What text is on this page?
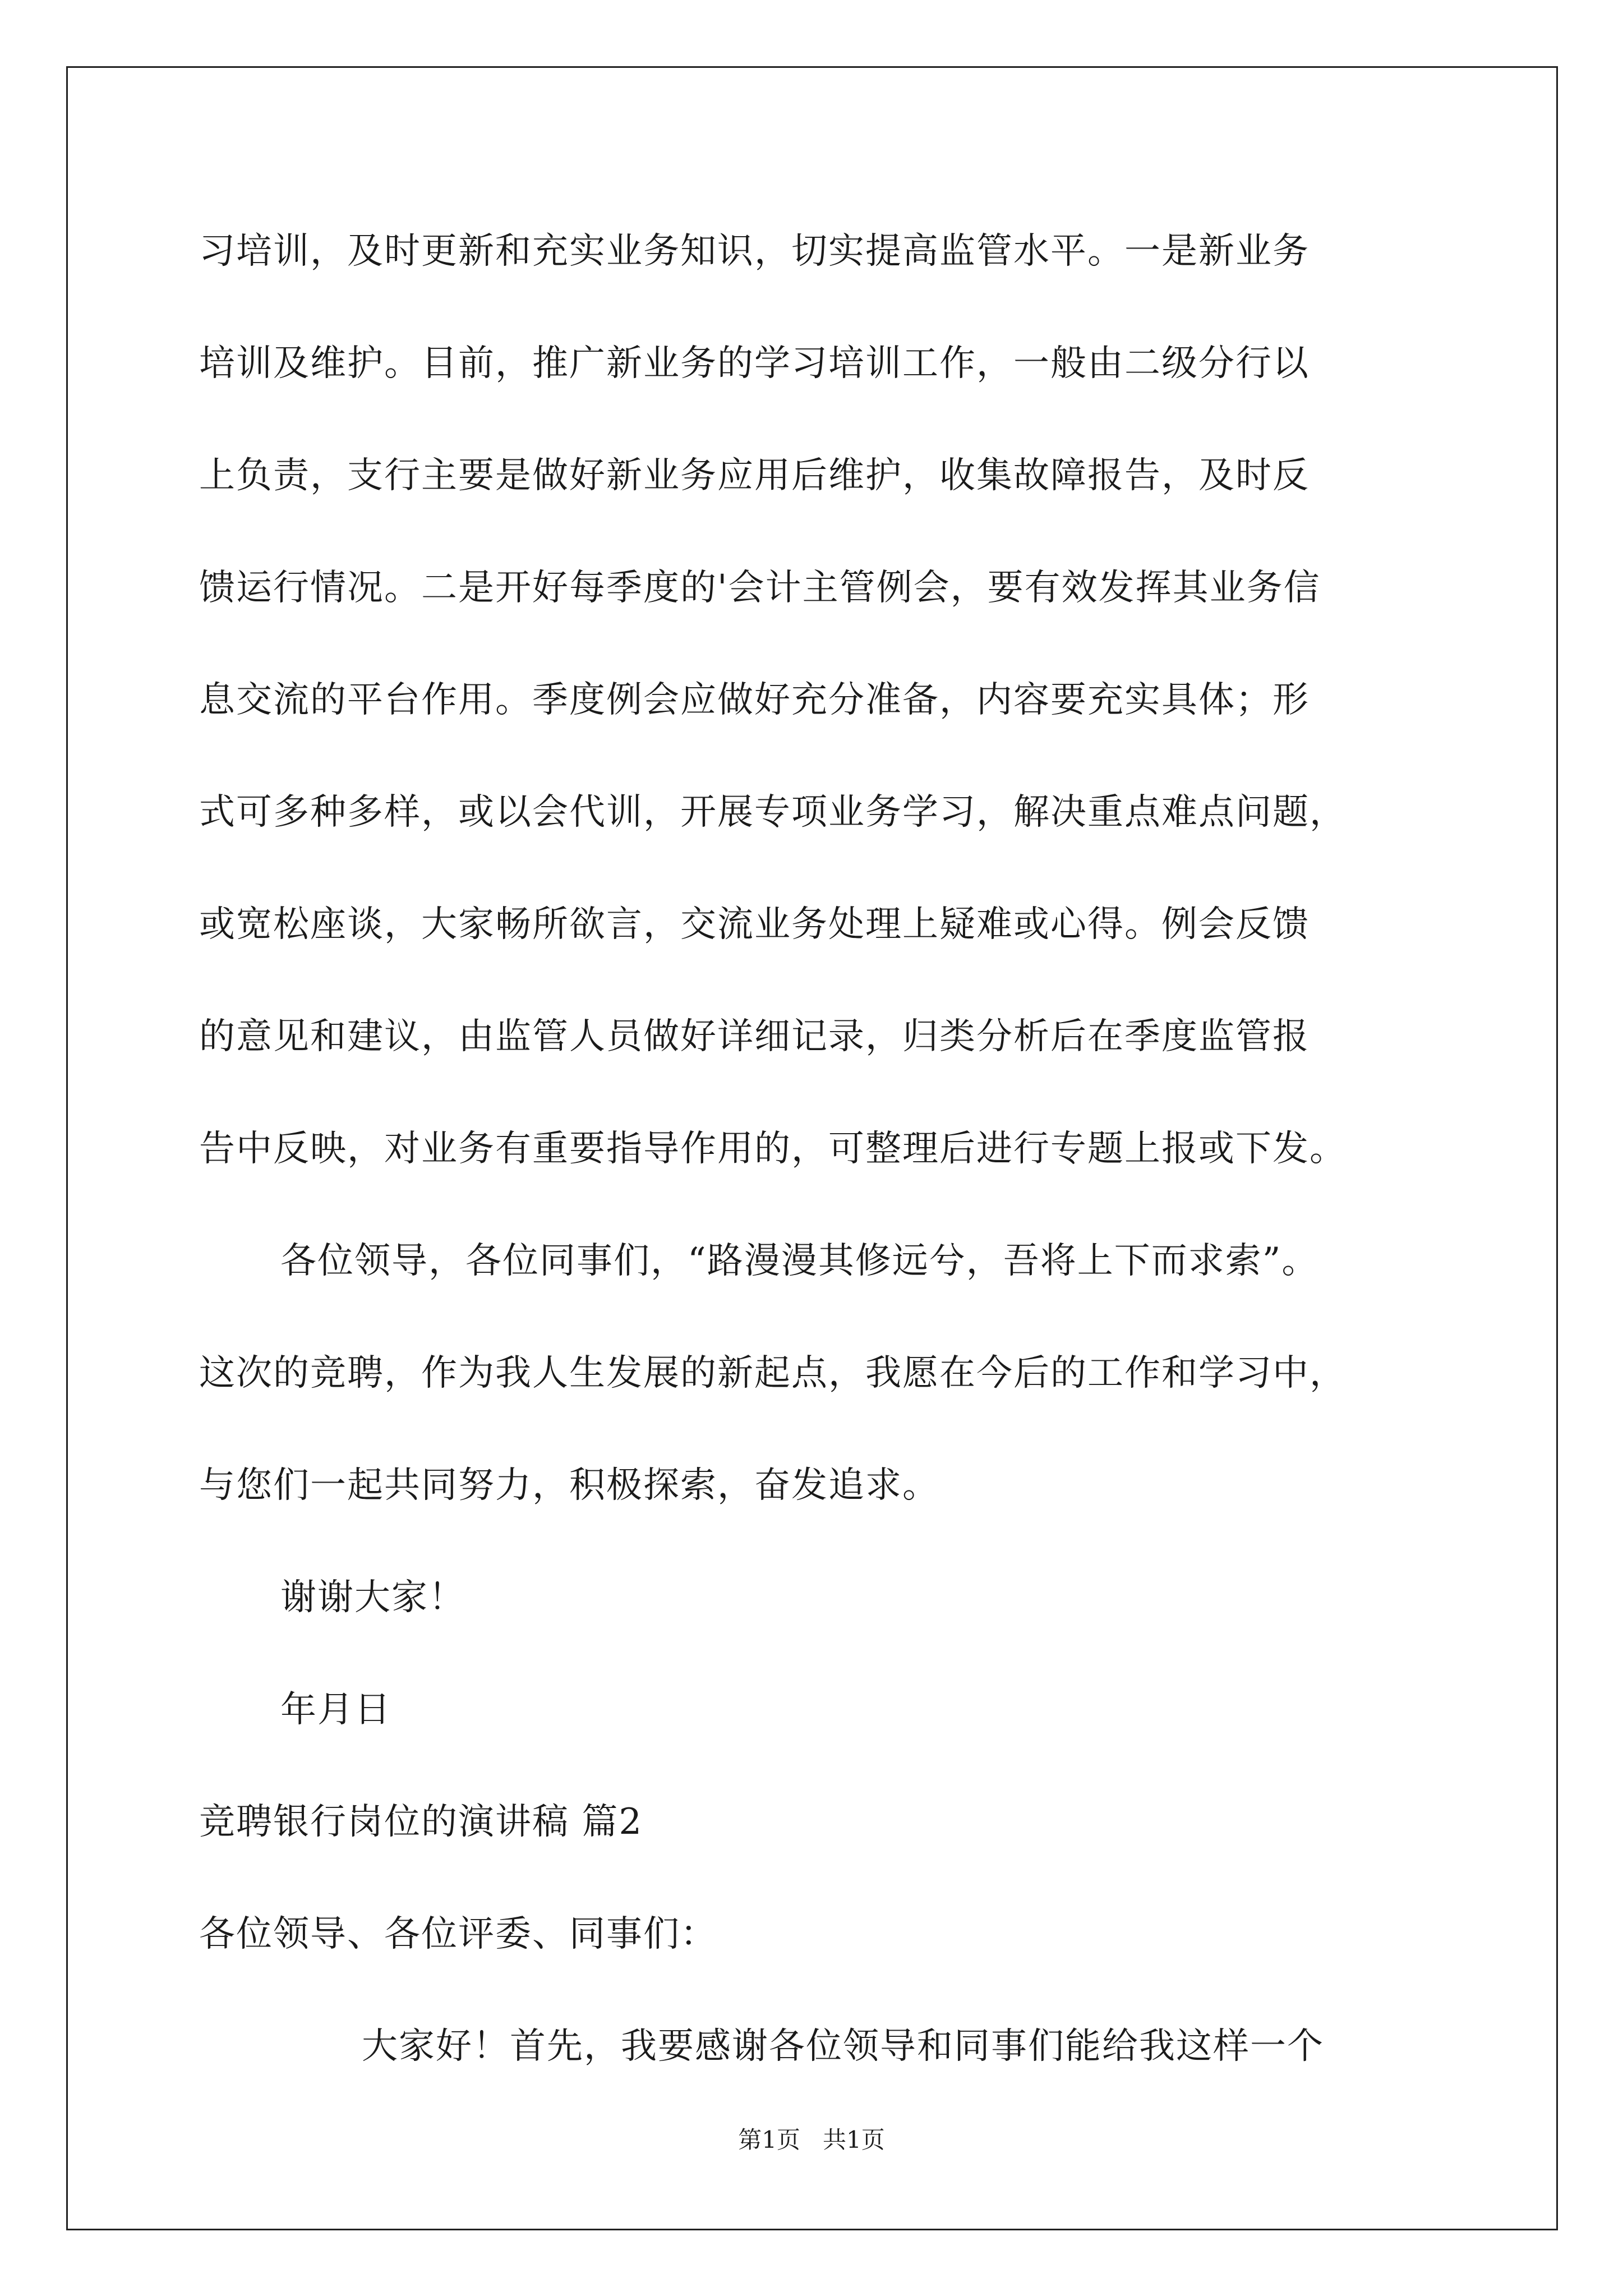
习培训，及时更新和充实业务知识，切实提高监管水平。一是新业务
培训及维护。目前，推广新业务的学习培训工作，一般由二级分行以
上负责，支行主要是做好新业务应用后维护，收集故障报告，及时反
馈运行情况。二是开好每季度的'会计主管例会，要有效发挥其业务信
息交流的平台作用。季度例会应做好充分准备，内容要充实具体；形
式可多种多样，或以会代训，开展专项业务学习，解决重点难点问题，
或宽松座谈，大家畅所欲言，交流业务处理上疑难或心得。例会反馈
的意见和建议，由监管人员做好详细记录，归类分析后在季度监管报
告中反映，对业务有重要指导作用的，可整理后进行专题上报或下发。
各位领导，各位同事们，“路漫漫其修远兮，吾将上下而求索”。
这次的竞聘，作为我人生发展的新起点，我愿在今后的工作和学习中，
与您们一起共同努力，积极探索，奋发追求。
谢谢大家！
年月日
竞聘银行岗位的演讲稿 篇2
各位领导、各位评委、同事们：
大家好！首先，我要感谢各位领导和同事们能给我这样一个
第1页   共1页
